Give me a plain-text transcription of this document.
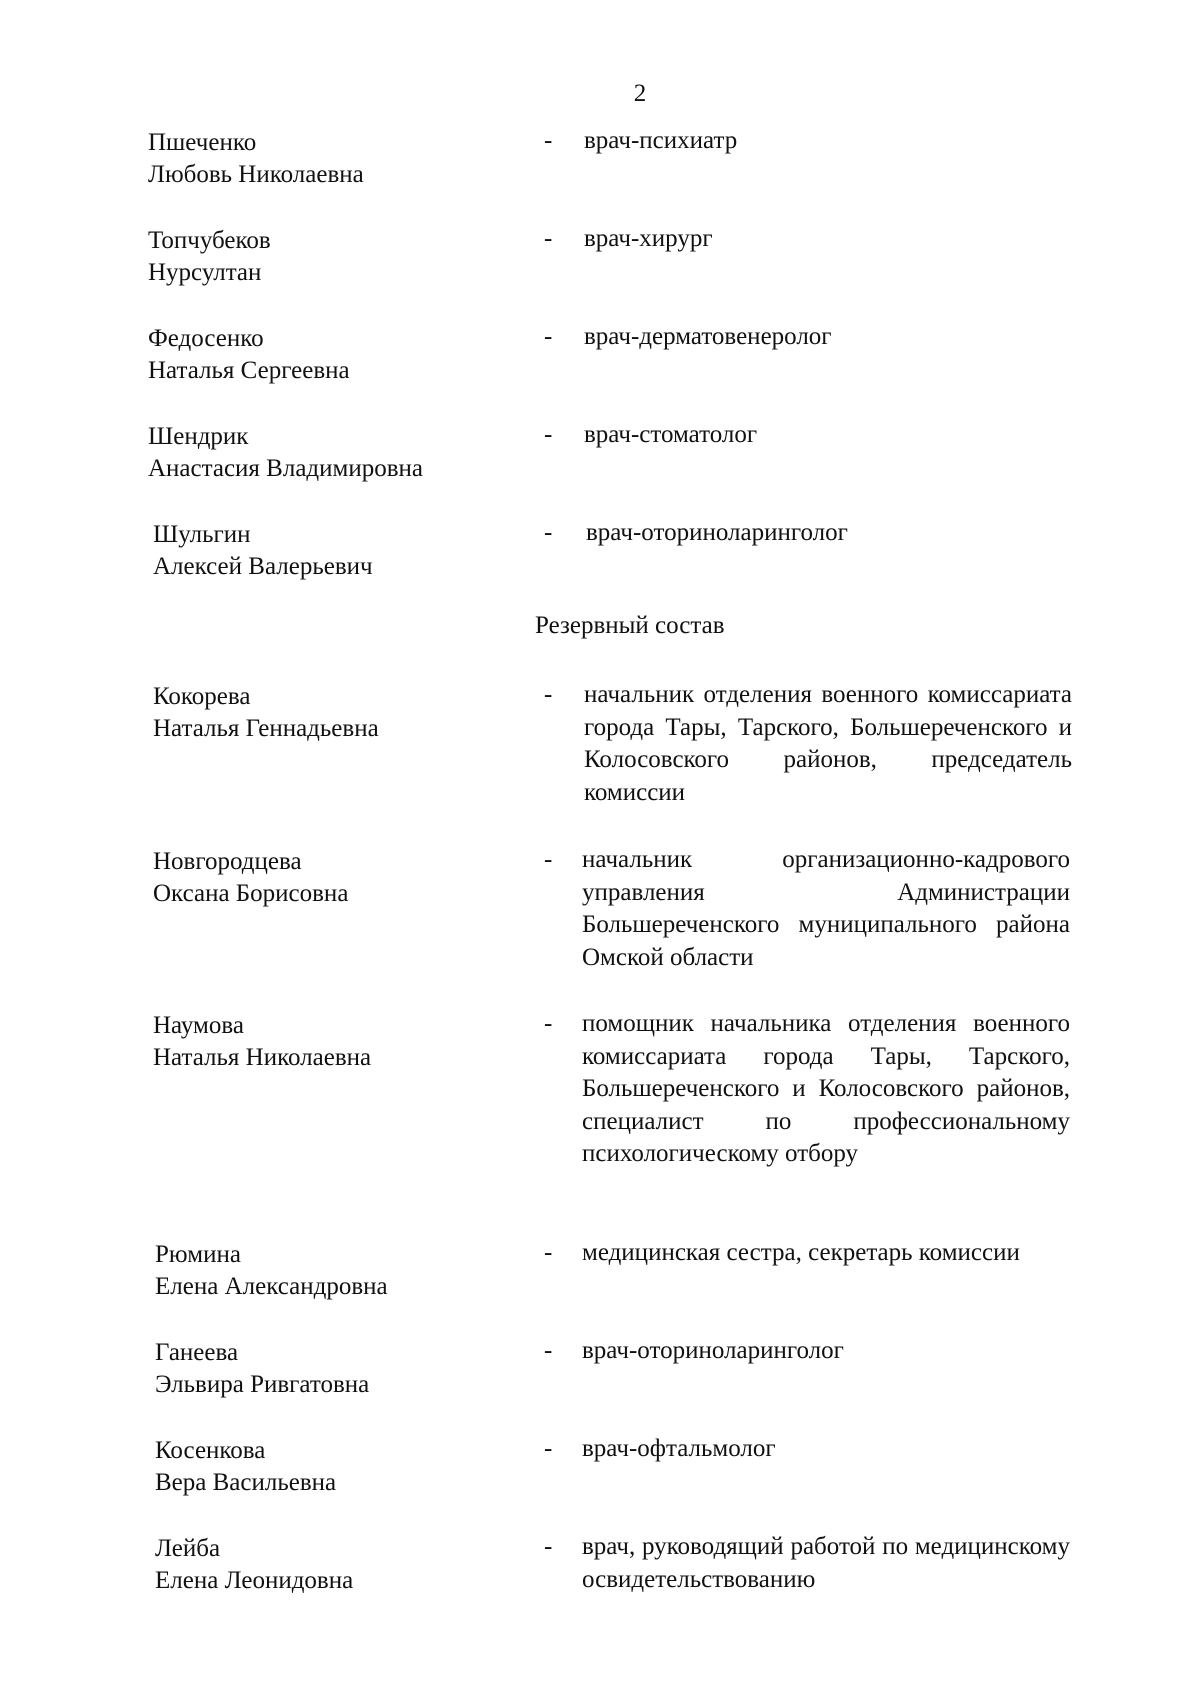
2
Пшеченко
Любовь Николаевна
- врач-психиатр
Топчубеков
Нурсултан
- врач-хирург
Федосенко
Наталья Сергеевна
- врач-дерматовенеролог
Шендрик
Анастасия Владимировна
- врач-стоматолог
Шульгин
Алексей Валерьевич
- врач-оториноларинголог
Резервный состав
Кокорева
Наталья Геннадьевна
- начальник отделения военного комиссариата города Тары, Тарского, Большереченского и Колосовского районов, председатель комиссии
Новгородцева
Оксана Борисовна
- начальник организационно-кадрового управления Администрации Большереченского муниципального района Омской области
Наумова
Наталья Николаевна
- помощник начальника отделения военного комиссариата города Тары, Тарского, Большереченского и Колосовского районов, специалист по профессиональному психологическому отбору
Рюмина
Елена Александровна
- медицинская сестра, секретарь комиссии
Ганеева
Эльвира Ривгатовна
- врач-оториноларинголог
Косенкова
Вера Васильевна
- врач-офтальмолог
Лейба
Елена Леонидовна
- врач, руководящий работой по медицинскому освидетельствованию
